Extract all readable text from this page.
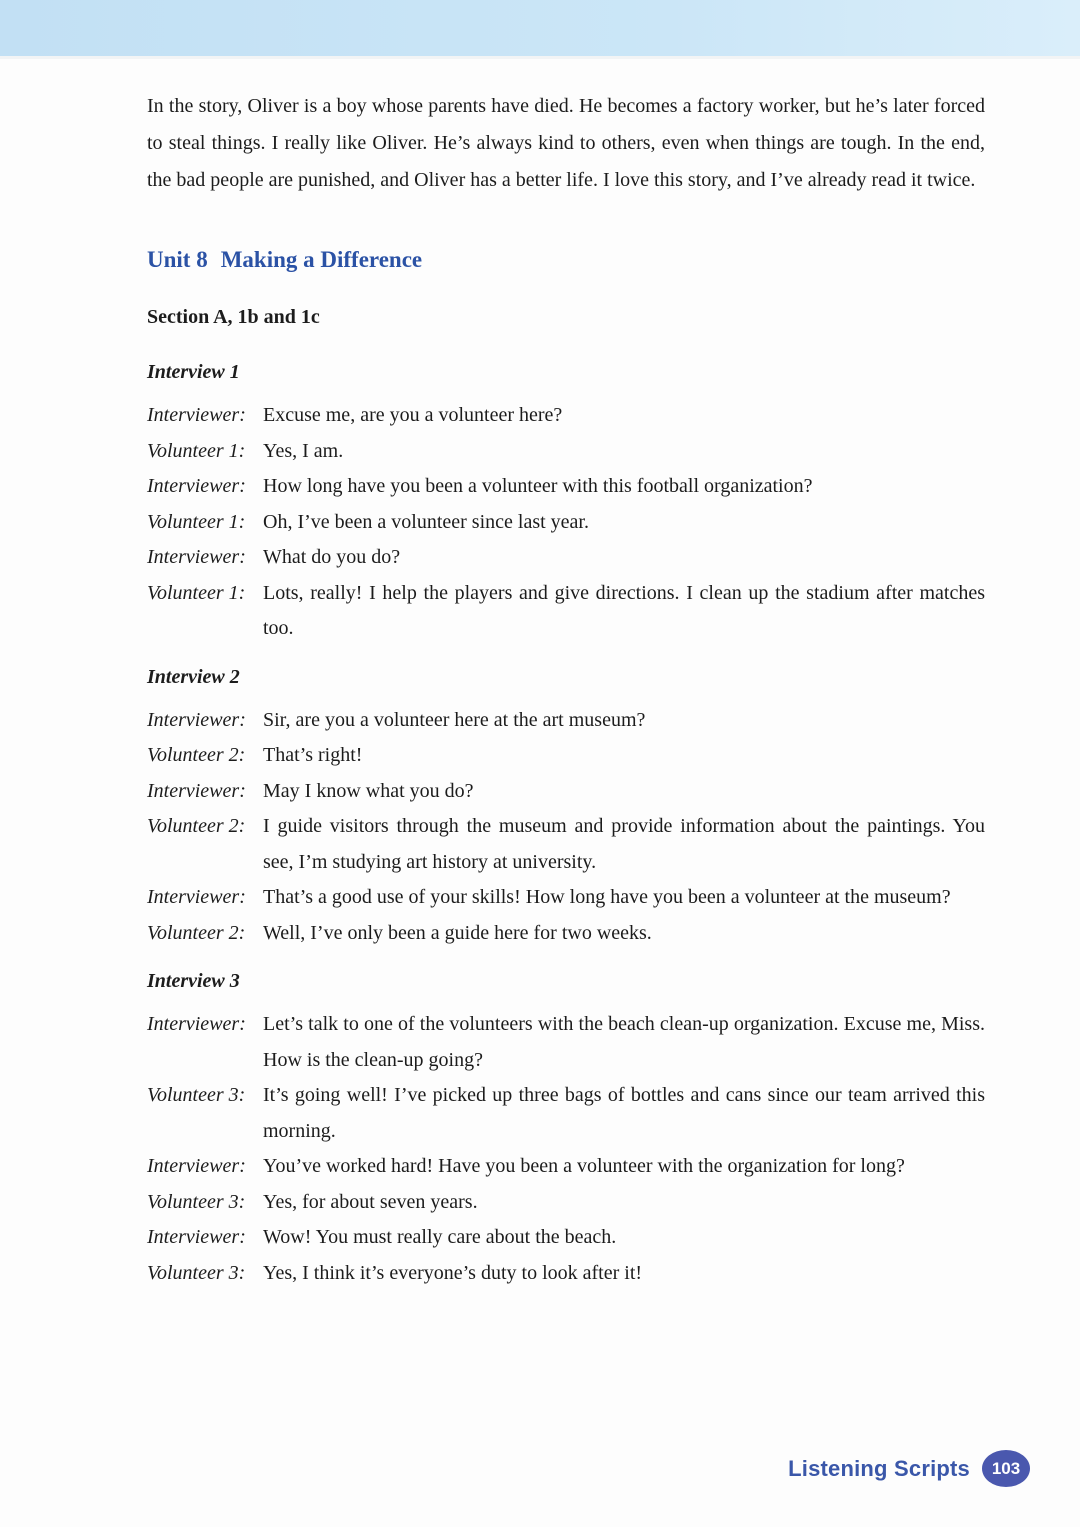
In the story, Oliver is a boy whose parents have died. He becomes a factory worker, but he’s later forced to steal things. I really like Oliver. He’s always kind to others, even when things are tough. In the end, the bad people are punished, and Oliver has a better life. I love this story, and I’ve already read it twice.

Unit 8 Making a Difference

Section A, 1b and 1c

Interview 1
Interviewer: Excuse me, are you a volunteer here?
Volunteer 1: Yes, I am.
Interviewer: How long have you been a volunteer with this football organization?
Volunteer 1: Oh, I’ve been a volunteer since last year.
Interviewer: What do you do?
Volunteer 1: Lots, really! I help the players and give directions. I clean up the stadium after matches too.
Interview 2
Interviewer: Sir, are you a volunteer here at the art museum?
Volunteer 2: That’s right!
Interviewer: May I know what you do?
Volunteer 2: I guide visitors through the museum and provide information about the paintings. You see, I’m studying art history at university.
Interviewer: That’s a good use of your skills! How long have you been a volunteer at the museum?
Volunteer 2: Well, I’ve only been a guide here for two weeks.
Interview 3
Interviewer: Let’s talk to one of the volunteers with the beach clean-up organization. Excuse me, Miss. How is the clean-up going?
Volunteer 3: It’s going well! I’ve picked up three bags of bottles and cans since our team arrived this morning.
Interviewer: You’ve worked hard! Have you been a volunteer with the organization for long?
Volunteer 3: Yes, for about seven years.
Interviewer: Wow! You must really care about the beach.
Volunteer 3: Yes, I think it’s everyone’s duty to look after it!
Listening Scripts	103
